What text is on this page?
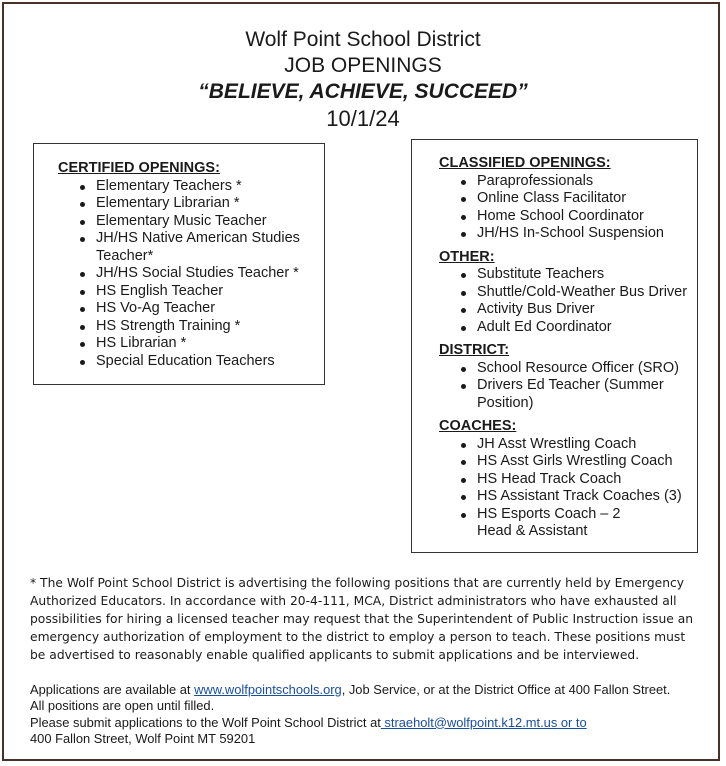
Wolf Point School District
JOB OPENINGS
“BELIEVE, ACHIEVE, SUCCEED”
10/1/24

CERTIFIED OPENINGS:

Elementary Teachers *
Elementary Librarian *
Elementary Music Teacher
JH/HS Native American Studies Teacher*
JH/HS Social Studies Teacher *
HS English Teacher
HS Vo-Ag Teacher
HS Strength Training *
HS Librarian *
Special Education Teachers

CLASSIFIED OPENINGS:

Paraprofessionals
Online Class Facilitator
Home School Coordinator
JH/HS In-School Suspension

OTHER:

Substitute Teachers
Shuttle/Cold-Weather Bus Driver
Activity Bus Driver
Adult Ed Coordinator

DISTRICT:

School Resource Officer (SRO)
Drivers Ed Teacher (Summer Position)

COACHES:

JH Asst Wrestling Coach
HS Asst Girls Wrestling Coach
HS Head Track Coach
HS Assistant Track Coaches (3)
HS Esports Coach – 2 Head & Assistant
* The Wolf Point School District is advertising the following positions that are currently held by Emergency Authorized Educators. In accordance with 20-4-111, MCA, District administrators who have exhausted all possibilities for hiring a licensed teacher may request that the Superintendent of Public Instruction issue an emergency authorization of employment to the district to employ a person to teach. These positions must be advertised to reasonably enable qualified applicants to submit applications and be interviewed.
Applications are available at www.wolfpointschools.org, Job Service, or at the District Office at 400 Fallon Street.
All positions are open until filled.
Please submit applications to the Wolf Point School District at straeholt@wolfpoint.k12.mt.us or to
400 Fallon Street, Wolf Point MT 59201
